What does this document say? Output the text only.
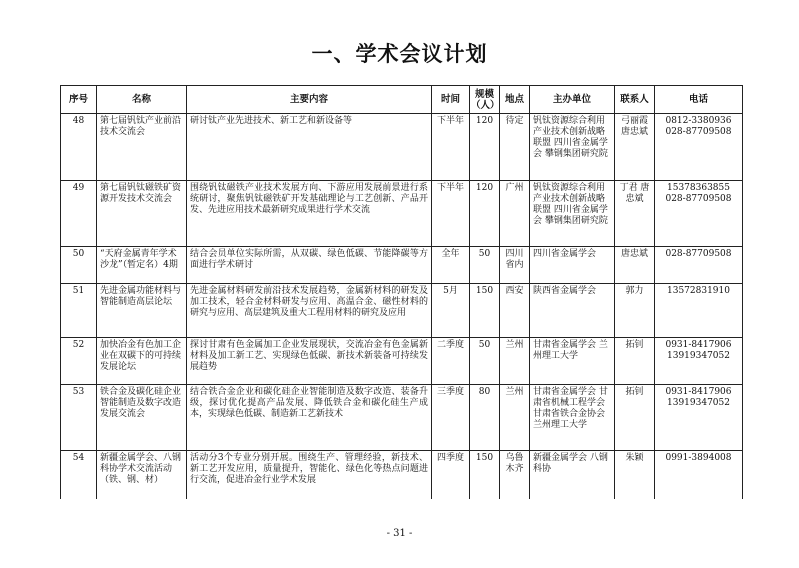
一、学术会议计划
序号	名称	主要内容	时间	规模（人）	地点	主办单位	联系人	电话
48	第七届钒钛产业前沿技术交流会	研讨钛产业先进技术、新工艺和新设备等	下半年	120	待定	钒钛资源综合利用产业技术创新战略联盟 四川省金属学会 攀钢集团研究院	弓丽霞 唐忠斌	0812-3380936 028-87709508
49	第七届钒钛磁铁矿资源开发技术交流会	围绕钒钛磁铁产业技术发展方向、下游应用发展前景进行系统研讨，聚焦钒钛磁铁矿开发基础理论与工艺创新、产品开发、先进应用技术最新研究成果进行学术交流	下半年	120	广州	钒钛资源综合利用产业技术创新战略联盟 四川省金属学会 攀钢集团研究院	丁君 唐忠斌	15378363855 028-87709508
50	“天府金属青年学术沙龙”（暂定名）4期	结合会员单位实际所需，从双碳、绿色低碳、节能降碳等方面进行学术研讨	全年	50	四川省内	四川省金属学会	唐忠斌	028-87709508
51	先进金属功能材料与智能制造高层论坛	先进金属材料研发前沿技术发展趋势，金属新材料的研发及加工技术，轻合金材料研发与应用、高温合金、磁性材料的研究与应用、高层建筑及重大工程用材料的研究及应用	5月	150	西安	陕西省金属学会	郭力	13572831910
52	加快冶金有色加工企业在双碳下的可持续发展论坛	探讨甘肃有色金属加工企业发展现状，交流冶金有色金属新材料及加工新工艺、实现绿色低碳、新技术新装备可持续发展趋势	二季度	50	兰州	甘肃省金属学会 兰州理工大学	拓钊	0931-8417906 13919347052
53	铁合金及碳化硅企业智能制造及数字改造发展交流会	结合铁合金企业和碳化硅企业智能制造及数字改造、装备升级，探讨优化提高产品发展、降低铁合金和碳化硅生产成本，实现绿色低碳、制造新工艺新技术	三季度	80	兰州	甘肃省金属学会 甘肃省机械工程学会 甘肃省铁合金协会 兰州理工大学	拓钊	0931-8417906 13919347052
54	新疆金属学会、八钢科协学术交流活动（铁、钢、材）	活动分3个专业分别开展。围绕生产、管理经验，新技术、新工艺开发应用，质量提升，智能化、绿色化等热点问题进行交流，促进冶金行业学术发展	四季度	150	乌鲁木齐	新疆金属学会 八钢科协	朱颖	0991-3894008
- 31 -
